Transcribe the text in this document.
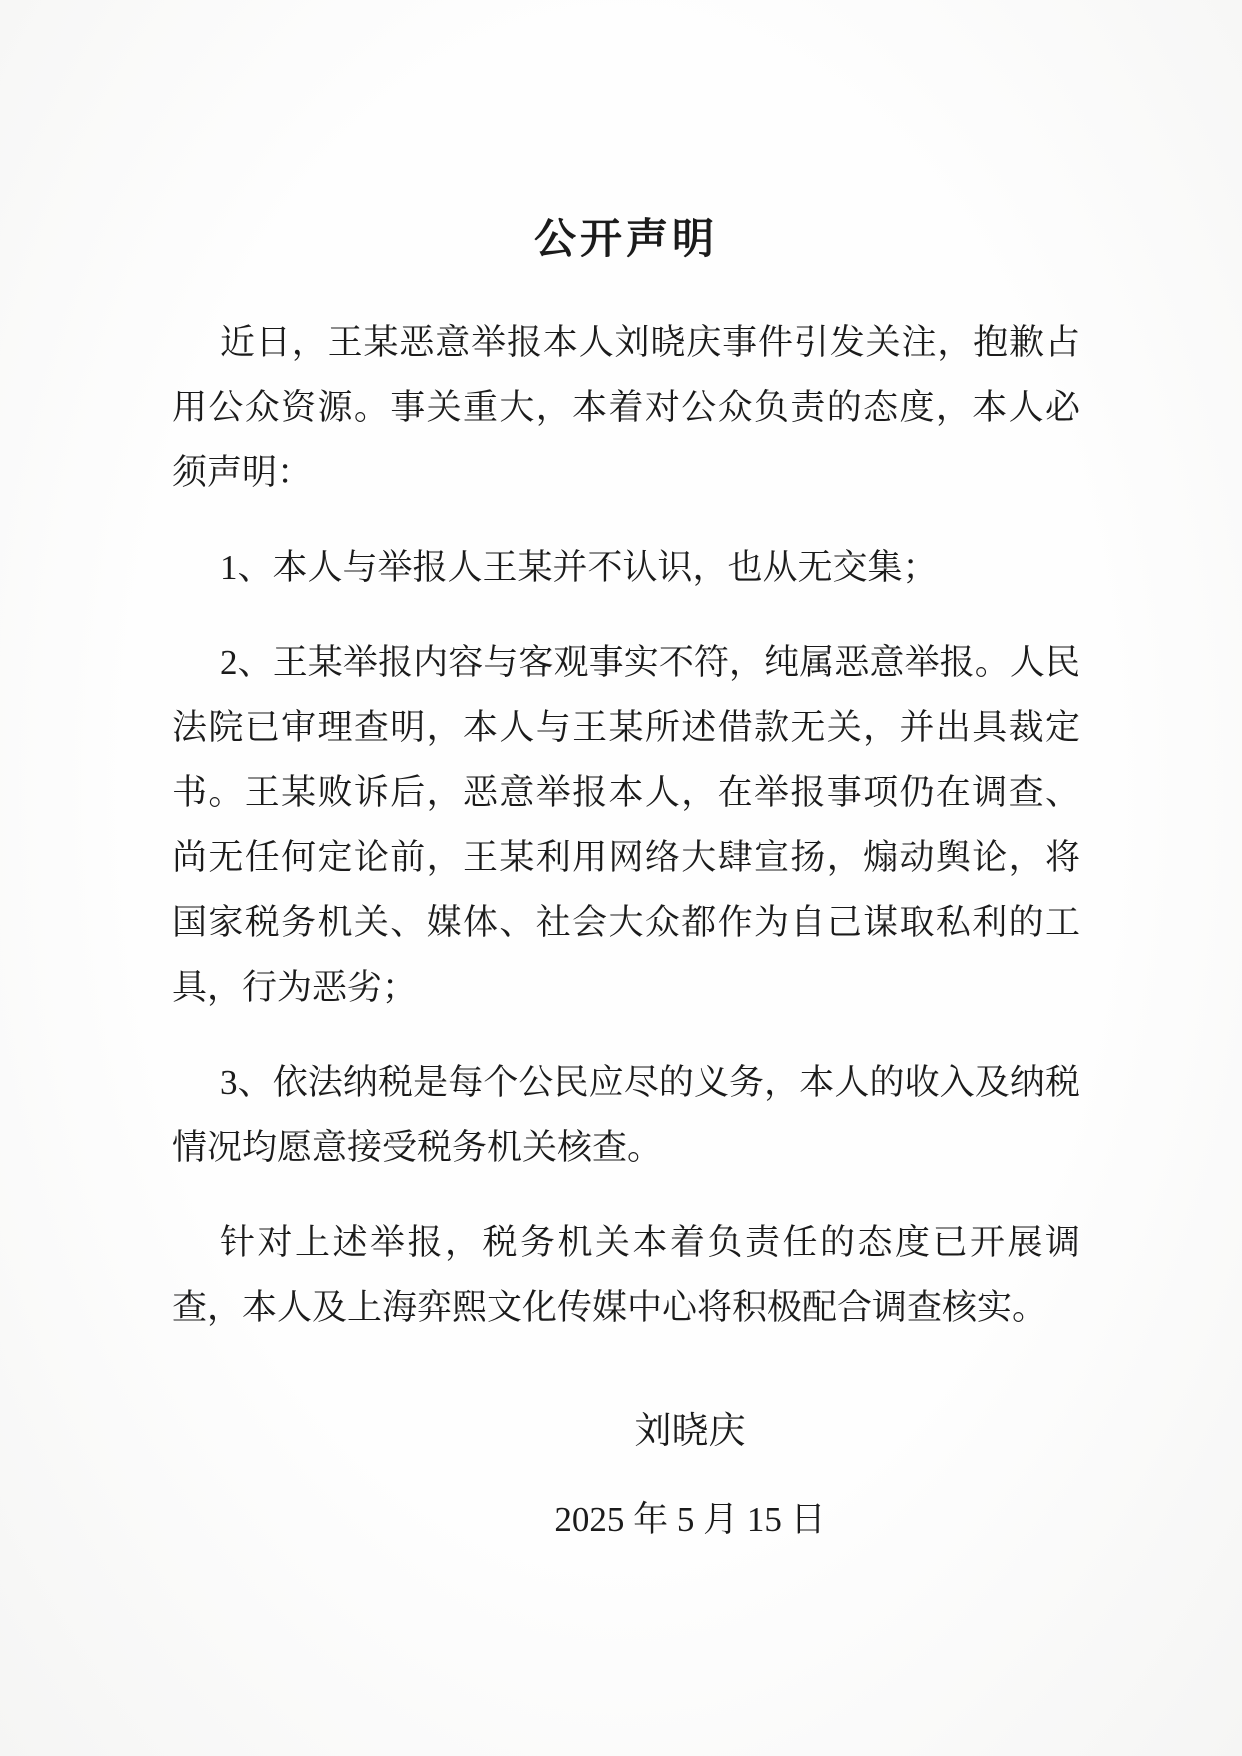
公开声明

近日，王某恶意举报本人刘晓庆事件引发关注，抱歉占用公众资源。事关重大，本着对公众负责的态度，本人必须声明：

1、本人与举报人王某并不认识，也从无交集；

2、王某举报内容与客观事实不符，纯属恶意举报。人民法院已审理查明，本人与王某所述借款无关，并出具裁定书。王某败诉后，恶意举报本人，在举报事项仍在调查、尚无任何定论前，王某利用网络大肆宣扬，煽动舆论，将国家税务机关、媒体、社会大众都作为自己谋取私利的工具，行为恶劣；

3、依法纳税是每个公民应尽的义务，本人的收入及纳税情况均愿意接受税务机关核查。

针对上述举报，税务机关本着负责任的态度已开展调查，本人及上海弈熙文化传媒中心将积极配合调查核实。

刘晓庆

2025 年 5 月 15 日
